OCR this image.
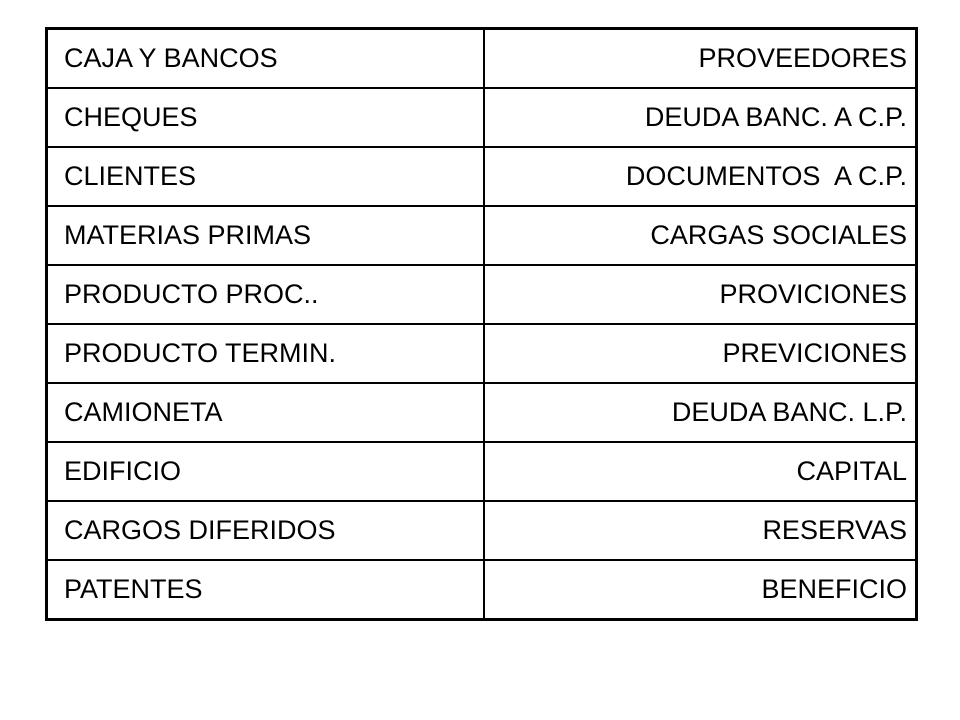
CAJA Y BANCOS	PROVEEDORES
CHEQUES	DEUDA BANC. A C.P.
CLIENTES	DOCUMENTOS  A C.P.
MATERIAS PRIMAS	CARGAS SOCIALES
PRODUCTO PROC..	PROVICIONES
PRODUCTO TERMIN.	PREVICIONES
CAMIONETA	DEUDA BANC. L.P.
EDIFICIO	CAPITAL
CARGOS DIFERIDOS	RESERVAS
PATENTES	BENEFICIO
